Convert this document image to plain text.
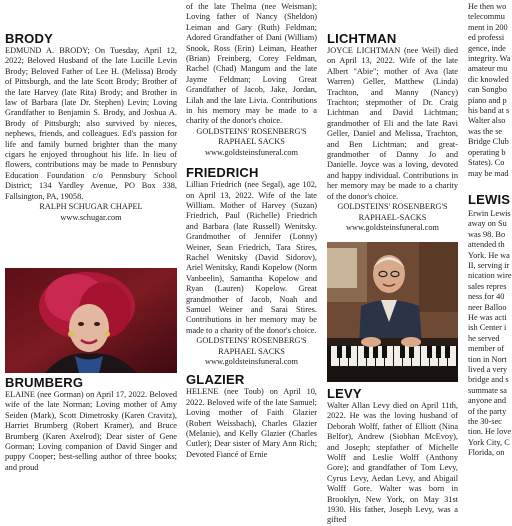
BRODY

EDMUND A. BRODY; On Tuesday, April 12, 2022; Beloved Husband of the late Lucille Levin Brody; Beloved Father of Lee H. (Melissa) Brody of Pittsburgh, and the late Scott Brody; Brother of the late Harvey (late Rita) Brody; and Brother in law of Barbara (late Dr. Stephen) Levin; Loving Grandfather to Benjamin S. Brody, and Joshua A. Brody of Pittsburgh; also survived by nieces, nephews, friends, and colleagues. Ed's passion for life and family burned brighter than the many cigars he enjoyed throughout his life. In lieu of flowers, contributions may be made to Pennsbury Education Foundation c/o Pennsbury School District; 134 Yardley Avenue, PO Box 338, Fallsington, PA, 19058.

RALPH SCHUGAR CHAPEL

www.schugar.com

BRUMBERG

ELAINE (nee Gorman) on April 17, 2022. Beloved wife of the late Norman; Loving mother of Amy Seiden (Mark), Scott Dimetrosky (Karen Cravitz), Harriet Brumberg (Robert Kramer), and Bruce Brumberg (Karen Axelrod); Dear sister of Gene Gorman; Loving companion of David Singer and puppy Cooper; best-selling author of three books; and proud

of the late Thelma (nee Weisman); Loving father of Nancy (Sheldon) Leiman and Gary (Ruth) Feldman; Adored Grandfather of Dani (William) Snook, Ross (Erin) Leiman, Heather (Brian) Freinberg, Corey Feldman, Rachel (Chad) Mangum and the late Jayme Feldman; Loving Great Grandfather of Jacob, Jake, Jordan, Lilah and the late Livia. Contributions in his memory may be made to a charity of the donor's choice.

GOLDSTEINS' ROSENBERG'S RAPHAEL SACKS

www.goldsteinsfuneral.com

FRIEDRICH

Lillian Friedrich (nee Segal), age 102, on April 13, 2022. Wife of the late William. Mother of Harvey (Suzan) Friedrich, Paul (Richelle) Friedrich and Barbara (late Russell) Wenitsky. Grandmother of Jennifer (Lonny) Weiner, Sean Friedrich, Tara Stires, Rachel Wenitsky (David Sidorov), Ariel Wenitsky, Randi Kopelow (Norm Vanbeelin), Samantha Kopelow and Ryan (Lauren) Kopelow. Great grandmother of Jacob, Noah and Samuel Weiner and Sarai Stires. Contributions in her memory may be made to a charity of the donor's choice.

GOLDSTEINS' ROSENBERG'S RAPHAEL SACKS

www.goldsteinsfuneral.com

GLAZIER

HELENE (nee Toub) on April 10, 2022. Beloved wife of the late Samuel; Loving mother of Faith Glazier (Robert Weissbach), Charles Glazier (Melanie), and Kelly Glazier (Charles Cutler); Dear sister of Mary Ann Rich; Devoted Fiancé of Ernie

LICHTMAN

JOYCE LICHTMAN (nee Weil) died on April 13, 2022. Wife of the late Albert "Abie"; mother of Ava (late Warren) Geller, Matthew (Linda) Trachton, and Manny (Nancy) Trachton; stepmother of Dr. Craig Lichtman and David Lichtman; grandmother of Eli and the late Ravi Geller, Daniel and Melissa, Trachton, and Ben Lichtman; and great-grandmother of Danny Jo and Danielle. Joyce was a loving, devoted and happy individual. Contributions in her memory may be made to a charity of the donor's choice.

GOLDSTEINS' ROSENBERG'S RAPHAEL-SACKS

www.goldsteinsfuneral.com

LEVY

Walter Allan Levy died on April 11th, 2022. He was the loving husband of Deborah Wolff, father of Elliott (Nina Belfor), Andrew (Siobhan McEvoy), and Joseph; stepfather of Michelle Wolff and Leslie Wolff (Anthony Gore); and grandfather of Tom Levy, Cyrus Levy, Aedan Levy, and Abigail Wolff Gore. Walter was born in Brooklyn, New York, on May 31st 1930. His father, Joseph Levy, was a gifted

He then wo
telecommu
ment in 200
ed professi
gence, inde
integrity. Wa
amateur mu
dic knowled
can Songbo
piano and p
his band at s
Walter also
was the se
Bridge Club
operating b
States). Co
may be mad
LEWIS
Erwin Lewis
away on Su
was 98. Bo
attended th
York. He wa
II, serving ir
nication wire
sales repres
ness for 40
neer Balloo
He was acti
ish Center i
he served
member of
tion in Nort
lived a very
bridge and s
summate sa
anyone and
of the party
the 30-sec
tion. He love
York City, C
Florida, on
